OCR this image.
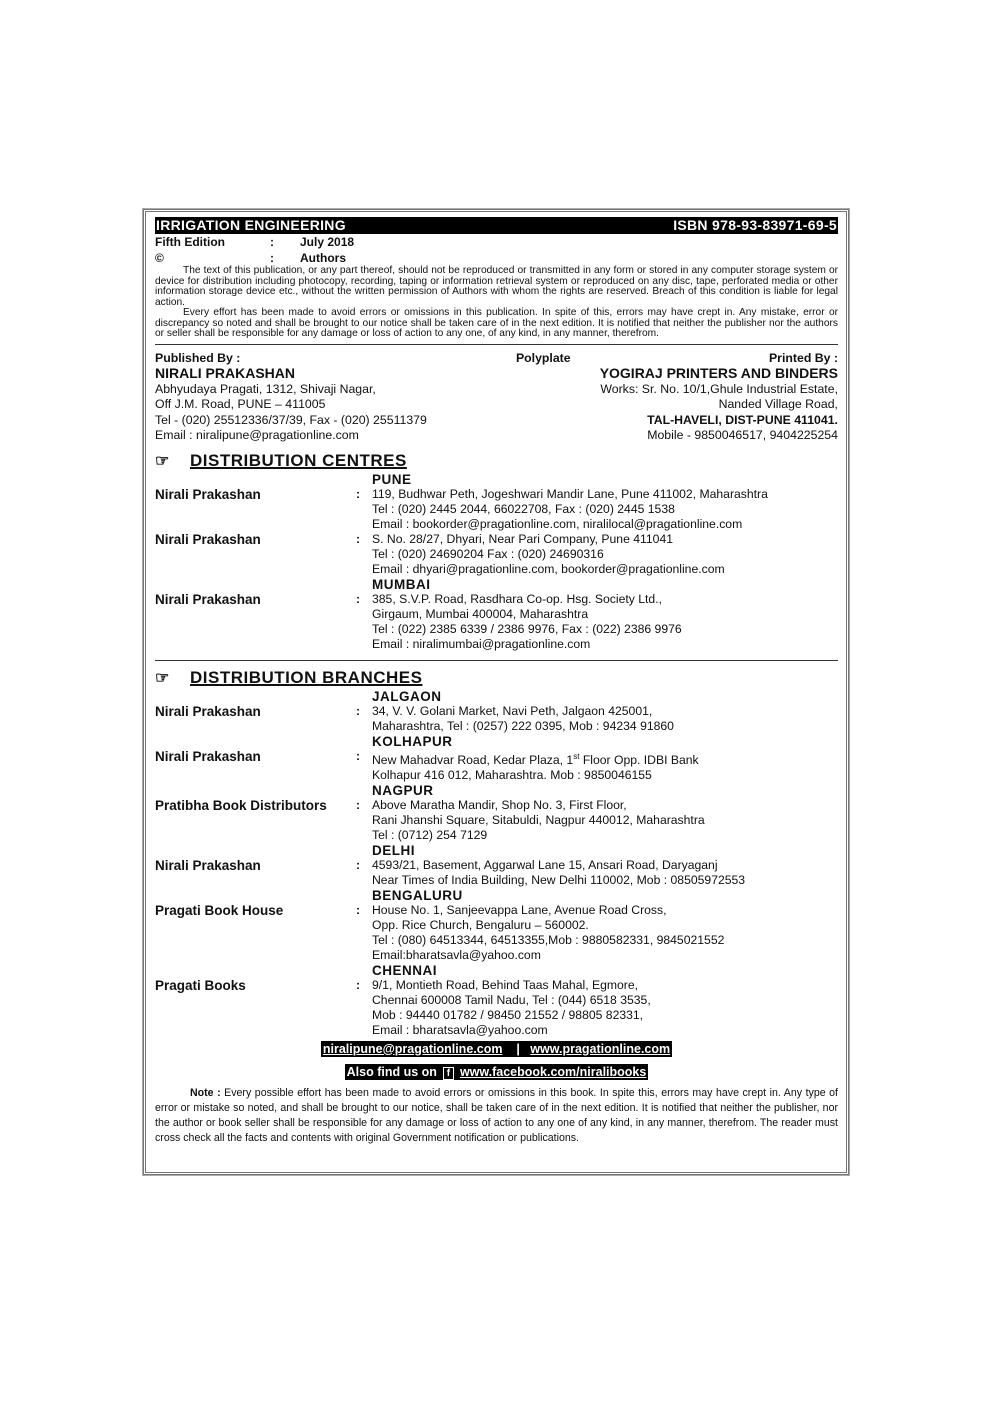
IRRIGATION ENGINEERING	ISBN 978-93-83971-69-5
Fifth Edition	:	July 2018
©	:	Authors

The text of this publication, or any part thereof, should not be reproduced or transmitted in any form or stored in any computer storage system or device for distribution including photocopy, recording, taping or information retrieval system or reproduced on any disc, tape, perforated media or other information storage device etc., without the written permission of Authors with whom the rights are reserved. Breach of this condition is liable for legal action.

Every effort has been made to avoid errors or omissions in this publication. In spite of this, errors may have crept in. Any mistake, error or discrepancy so noted and shall be brought to our notice shall be taken care of in the next edition. It is notified that neither the publisher nor the authors or seller shall be responsible for any damage or loss of action to any one, of any kind, in any manner, therefrom.

Published By :
NIRALI PRAKASHAN
Abhyudaya Pragati, 1312, Shivaji Nagar,
Off J.M. Road, PUNE – 411005
Tel - (020) 25512336/37/39, Fax - (020) 25511379
Email : niralipune@pragationline.com
Polyplate	Printed By :
YOGIRAJ PRINTERS AND BINDERS
Works: Sr. No. 10/1,Ghule Industrial Estate,
Nanded Village Road,
TAL-HAVELI, DIST-PUNE 411041.
Mobile - 9850046517, 9404225254
☞	DISTRIBUTION CENTRES
PUNE
Nirali Prakashan	: 119, Budhwar Peth, Jogeshwari Mandir Lane, Pune 411002, Maharashtra
Tel : (020) 2445 2044, 66022708, Fax : (020) 2445 1538
Email : bookorder@pragationline.com, niralilocal@pragationline.com
Nirali Prakashan	: S. No. 28/27, Dhyari, Near Pari Company, Pune 411041
Tel : (020) 24690204 Fax : (020) 24690316
Email : dhyari@pragationline.com, bookorder@pragationline.com
MUMBAI
Nirali Prakashan	: 385, S.V.P. Road, Rasdhara Co-op. Hsg. Society Ltd.,
Girgaum, Mumbai 400004, Maharashtra
Tel : (022) 2385 6339 / 2386 9976, Fax : (022) 2386 9976
Email : niralimumbai@pragationline.com
☞	DISTRIBUTION BRANCHES
JALGAON
Nirali Prakashan	: 34, V. V. Golani Market, Navi Peth, Jalgaon 425001,
Maharashtra, Tel : (0257) 222 0395, Mob : 94234 91860
KOLHAPUR
Nirali Prakashan	: New Mahadvar Road, Kedar Plaza, 1st Floor Opp. IDBI Bank
Kolhapur 416 012, Maharashtra. Mob : 9850046155
NAGPUR
Pratibha Book Distributors	: Above Maratha Mandir, Shop No. 3, First Floor,
Rani Jhanshi Square, Sitabuldi, Nagpur 440012, Maharashtra
Tel : (0712) 254 7129
DELHI
Nirali Prakashan	: 4593/21, Basement, Aggarwal Lane 15, Ansari Road, Daryaganj
Near Times of India Building, New Delhi 110002, Mob : 08505972553
BENGALURU
Pragati Book House	: House No. 1, Sanjeevappa Lane, Avenue Road Cross,
Opp. Rice Church, Bengaluru – 560002.
Tel : (080) 64513344, 64513355,Mob : 9880582331, 9845021552
Email:bharatsavla@yahoo.com
CHENNAI
Pragati Books	: 9/1, Montieth Road, Behind Taas Mahal, Egmore,
Chennai 600008 Tamil Nadu, Tel : (044) 6518 3535,
Mob : 94440 01782 / 98450 21552 / 98805 82331,
Email : bharatsavla@yahoo.com
niralipune@pragationline.com | www.pragationline.com
Also find us on f www.facebook.com/niralibooks

Note : Every possible effort has been made to avoid errors or omissions in this book. In spite this, errors may have crept in. Any type of error or mistake so noted, and shall be brought to our notice, shall be taken care of in the next edition. It is notified that neither the publisher, nor the author or book seller shall be responsible for any damage or loss of action to any one of any kind, in any manner, therefrom. The reader must cross check all the facts and contents with original Government notification or publications.
